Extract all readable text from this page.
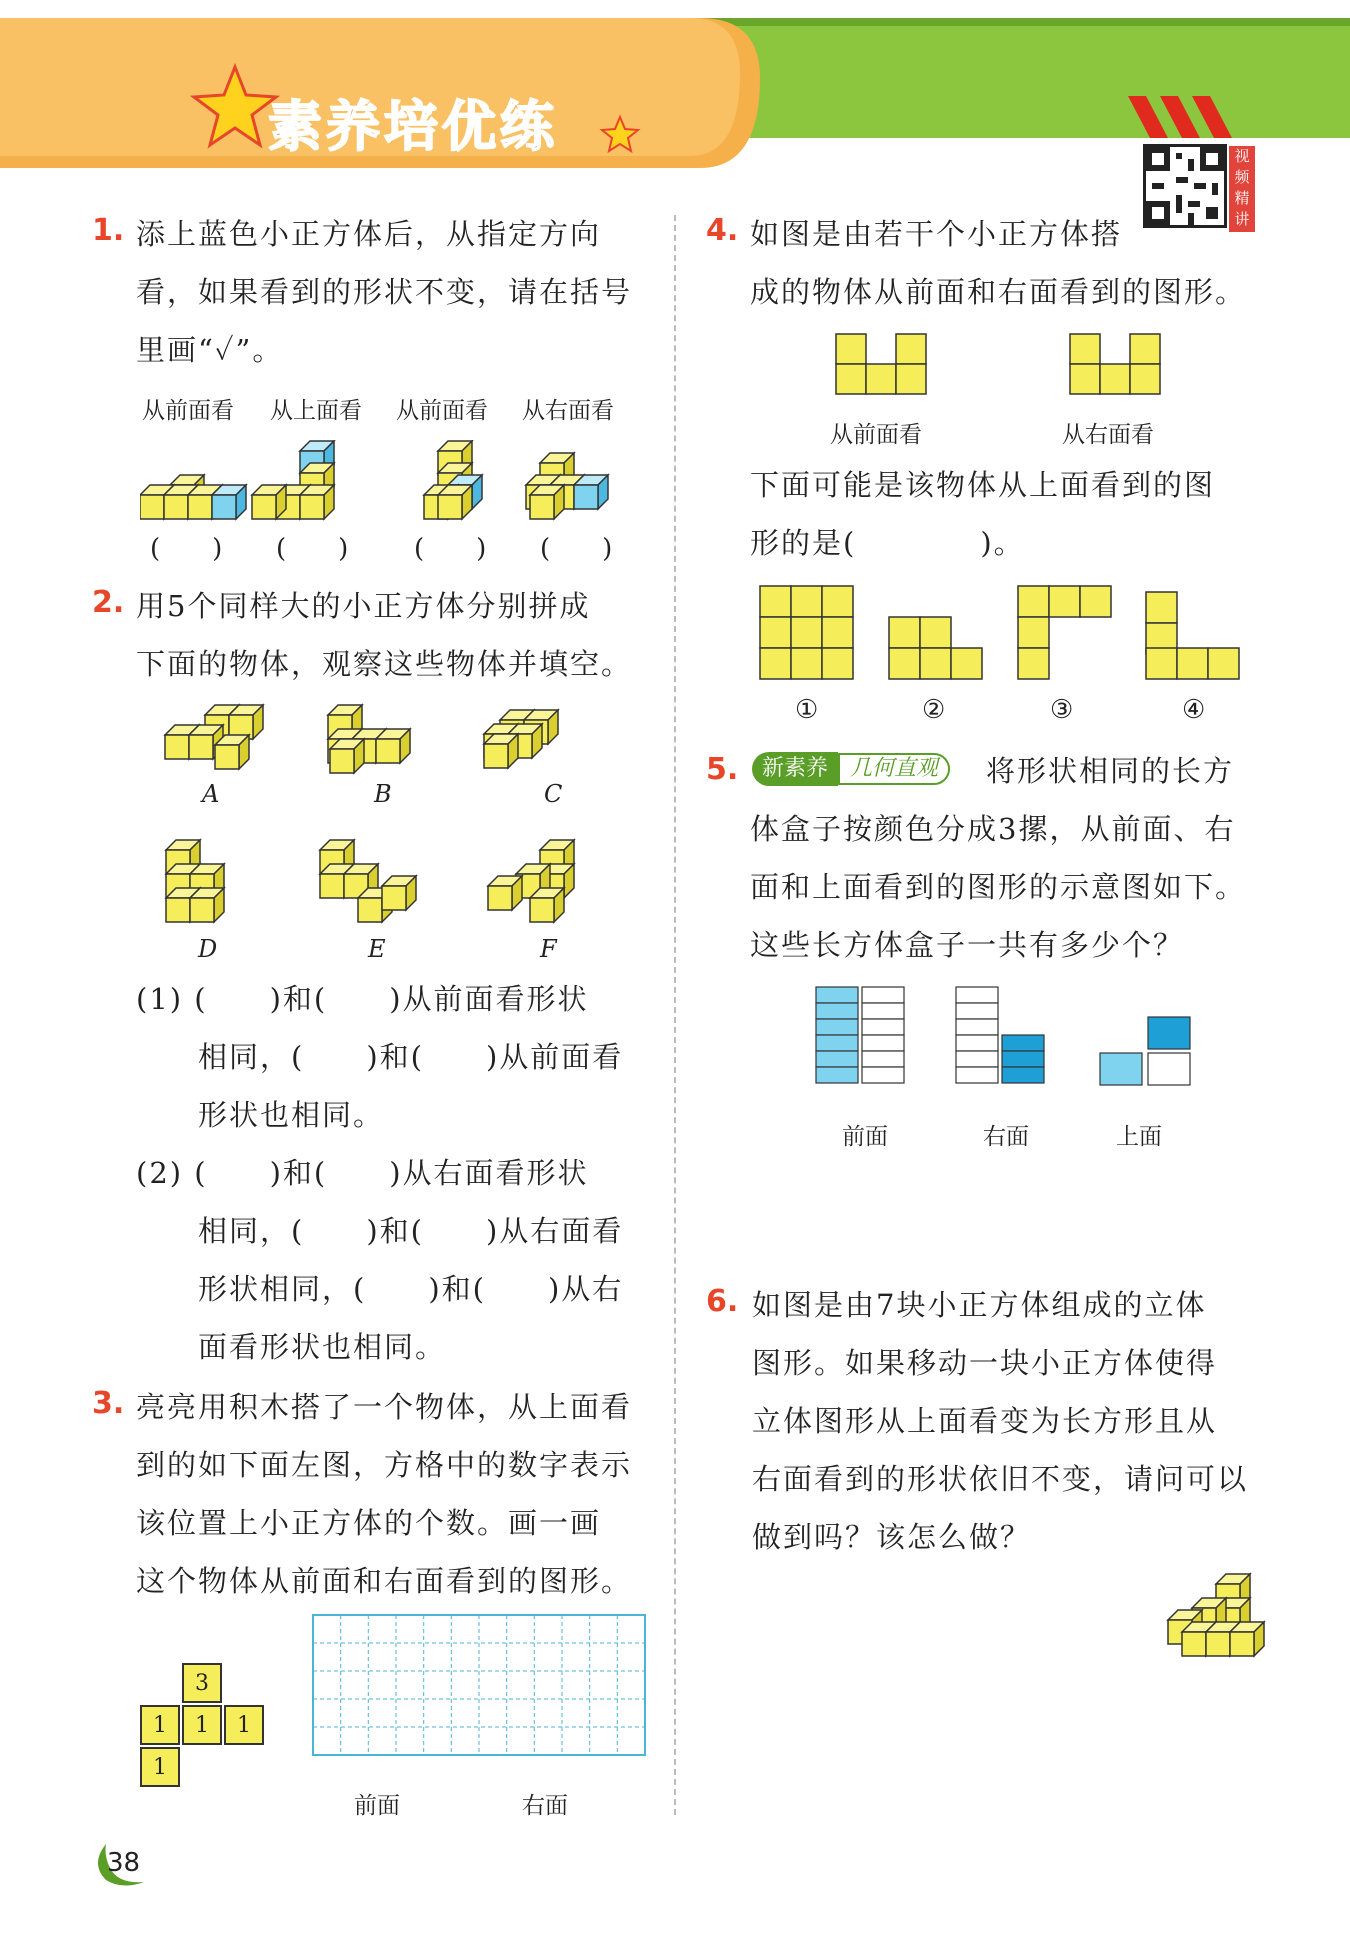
素养培优练	视
频
精
讲
1. 添上蓝色小正方体后，从指定方向
看，如果看到的形状不变，请在括号
里画“✓”。
从前面看 从上面看 从前面看 从右面看
(　　) (　　)	(　　) (　　)
2. 用5个同样大的小正方体分别拼成
下面的物体，观察这些物体并填空。
A	B	C
D	E	F
(1) (　　)和(　　)从前面看形状
相同，(　　)和(　　)从前面看
形状也相同。
(2) (　　)和(　　)从右面看形状
相同，(　　)和(　　)从右面看
形状相同，(　　)和(　　)从右
面看形状也相同。
3. 亮亮用积木搭了一个物体，从上面看
到的如下面左图，方格中的数字表示
该位置上小正方体的个数。画一画
这个物体从前面和右面看到的图形。
3
1	1	1
1
前面	右面
4. 如图是由若干个小正方体搭
成的物体从前面和右面看到的图形。
从前面看	从右面看
下面可能是该物体从上面看到的图
形的是(　　　　)。
①	②	③	④
5.	新素养 几何直观	将形状相同的长方
体盒子按颜色分成3摞，从前面、右
面和上面看到的图形的示意图如下。
这些长方体盒子一共有多少个？
前面	右面	上面
6. 如图是由7块小正方体组成的立体
图形。如果移动一块小正方体使得
立体图形从上面看变为长方形且从
右面看到的形状依旧不变，请问可以
做到吗？该怎么做？
38
